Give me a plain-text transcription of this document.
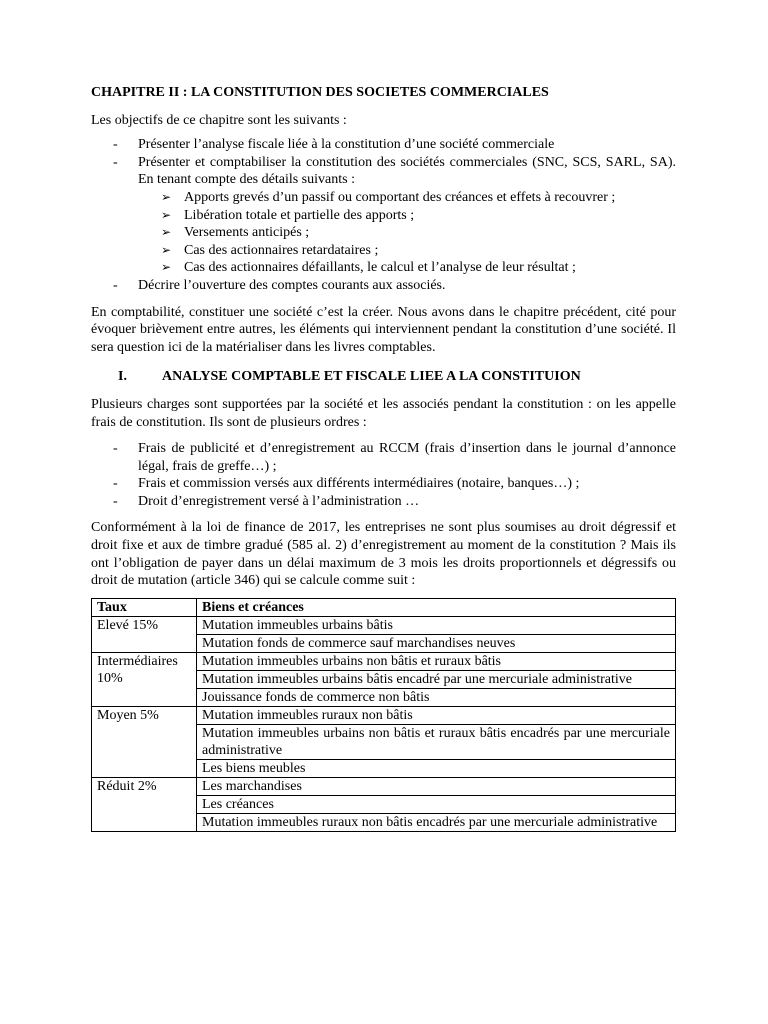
CHAPITRE II : LA CONSTITUTION DES SOCIETES COMMERCIALES

Les objectifs de ce chapitre sont les suivants :

- Présenter l’analyse fiscale liée à la constitution d’une société commerciale
- Présenter et comptabiliser la constitution des sociétés commerciales (SNC, SCS, SARL, SA). En tenant compte des détails suivants :
➢ Apports grevés d’un passif ou comportant des créances et effets à recouvrer ;
➢ Libération totale et partielle des apports ;
➢ Versements anticipés ;
➢ Cas des actionnaires retardataires ;
➢ Cas des actionnaires défaillants, le calcul et l’analyse de leur résultat ;
- Décrire l’ouverture des comptes courants aux associés.

En comptabilité, constituer une société c’est la créer. Nous avons dans le chapitre précédent, cité pour évoquer brièvement entre autres, les éléments qui interviennent pendant la constitution d’une société. Il sera question ici de la matérialiser dans les livres comptables.

I.	ANALYSE COMPTABLE ET FISCALE LIEE A LA CONSTITUION

Plusieurs charges sont supportées par la société et les associés pendant la constitution : on les appelle frais de constitution. Ils sont de plusieurs ordres :

- Frais de publicité et d’enregistrement au RCCM (frais d’insertion dans le journal d’annonce légal, frais de greffe…) ;
- Frais et commission versés aux différents intermédiaires (notaire, banques…) ;
- Droit d’enregistrement versé à l’administration …

Conformément à la loi de finance de 2017, les entreprises ne sont plus soumises au droit dégressif et droit fixe et aux de timbre gradué (585 al. 2) d’enregistrement au moment de la constitution ? Mais ils ont l’obligation de payer dans un délai maximum de 3 mois les droits proportionnels et dégressifs ou droit de mutation (article 346) qui se calcule comme suit :

Taux	Biens et créances
Elevé 15%	Mutation immeubles urbains bâtis
	Mutation fonds de commerce sauf marchandises neuves
Intermédiaires 10%	Mutation immeubles urbains non bâtis et ruraux bâtis
	Mutation immeubles urbains bâtis encadré par une mercuriale administrative
	Jouissance fonds de commerce non bâtis
Moyen 5%	Mutation immeubles ruraux non bâtis
	Mutation immeubles urbains non bâtis et ruraux bâtis encadrés par une mercuriale administrative
	Les biens meubles
Réduit 2%	Les marchandises
	Les créances
	Mutation immeubles ruraux non bâtis encadrés par une mercuriale administrative
